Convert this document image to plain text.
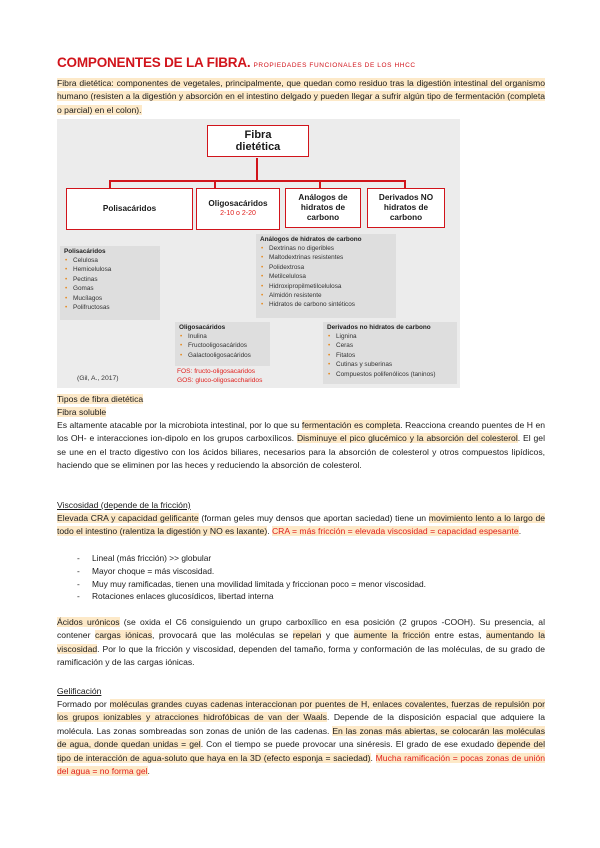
COMPONENTES DE LA FIBRA. PROPIEDADES FUNCIONALES DE LOS HHCC
Fibra dietética: componentes de vegetales, principalmente, que quedan como residuo tras la digestión intestinal del organismo humano (resisten a la digestión y absorción en el intestino delgado y pueden llegar a sufrir algún tipo de fermentación (completa o parcial) en el colon).
Fibra
dietética
Polisacáridos
Oligosacáridos
2-10 o 2-20
Análogos de hidratos de carbono
Derivados NO hidratos de carbono
Polisacáridos
• Celulosa
• Hemicelulosa
• Pectinas
• Gomas
• Mucílagos
• Polifructosas
Análogos de hidratos de carbono
• Dextrinas no digeribles
• Maltodextrinas resistentes
• Polidextrosa
• Metilcelulosa
• Hidroxipropilmetilcelulosa
• Almidón resistente
• Hidratos de carbono sintéticos
Oligosacáridos
• Inulina
• Fructooligosacáridos
• Galactooligosacáridos
FOS: fructo-oligosacaridos
GOS: gluco-oligosaccharidos
Derivados no hidratos de carbono
• Lignina
• Ceras
• Fitatos
• Cutinas y suberinas
• Compuestos polifenólicos (taninos)
(Gil, A., 2017)
Tipos de fibra dietética
Fibra soluble
Es altamente atacable por la microbiota intestinal, por lo que su fermentación es completa. Reacciona creando puentes de H en los OH- e interacciones ion-dipolo en los grupos carboxílicos. Disminuye el pico glucémico y la absorción del colesterol. El gel se une en el tracto digestivo con los ácidos biliares, necesarios para la absorción de colesterol y otros compuestos lipídicos, haciendo que se eliminen por las heces y reduciendo la absorción de colesterol.
Viscosidad (depende de la fricción)
Elevada CRA y capacidad gelificante (forman geles muy densos que aportan saciedad) tiene un movimiento lento a lo largo de todo el intestino (ralentiza la digestión y NO es laxante). CRA = más fricción = elevada viscosidad = capacidad espesante.
- Lineal (más fricción) >> globular
- Mayor choque = más viscosidad.
- Muy muy ramificadas, tienen una movilidad limitada y friccionan poco = menor viscosidad.
- Rotaciones enlaces glucosídicos, libertad interna
Ácidos urónicos (se oxida el C6 consiguiendo un grupo carboxílico en esa posición (2 grupos -COOH). Su presencia, al contener cargas iónicas, provocará que las moléculas se repelan y que aumente la fricción entre estas, aumentando la viscosidad. Por lo que la fricción y viscosidad, dependen del tamaño, forma y conformación de las moléculas, de su grado de ramificación y de las cargas iónicas.
Gelificación
Formado por moléculas grandes cuyas cadenas interaccionan por puentes de H, enlaces covalentes, fuerzas de repulsión por los grupos ionizables y atracciones hidrofóbicas de van der Waals. Depende de la disposición espacial que adquiere la molécula. Las zonas sombreadas son zonas de unión de las cadenas. En las zonas más abiertas, se colocarán las moléculas de agua, donde quedan unidas = gel. Con el tiempo se puede provocar una sinéresis. El grado de ese exudado depende del tipo de interacción de agua-soluto que haya en la 3D (efecto esponja = saciedad). Mucha ramificación = pocas zonas de unión del agua = no forma gel.
